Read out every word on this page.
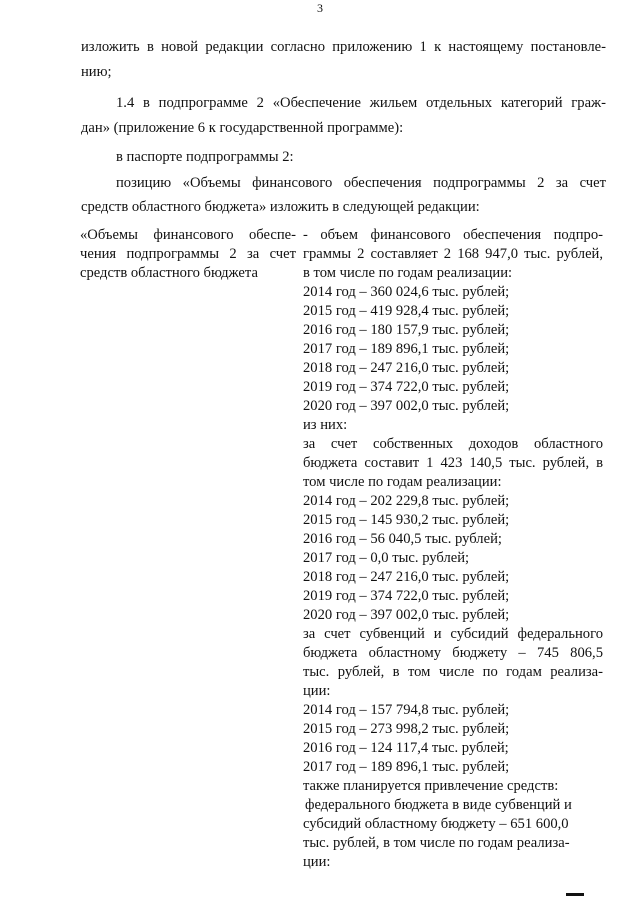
3

изложить в новой редакции согласно приложению 1 к настоящему постановле-

нию;

1.4 в подпрограмме 2 «Обеспечение жильем отдельных категорий граж-

дан» (приложение 6 к государственной программе):

в паспорте подпрограммы 2:

позицию «Объемы финансового обеспечения подпрограммы 2 за счет

средств областного бюджета» изложить в следующей редакции:

«Объемы финансового обеспе-
чения подпрограммы 2 за счет
средств областного бюджета
- объем финансового обеспечения подпро-
граммы 2 составляет 2 168 947,0 тыс. рублей,
в том числе по годам реализации:
2014 год – 360 024,6 тыс. рублей;
2015 год – 419 928,4 тыс. рублей;
2016 год – 180 157,9 тыс. рублей;
2017 год – 189 896,1 тыс. рублей;
2018 год – 247 216,0 тыс. рублей;
2019 год – 374 722,0 тыс. рублей;
2020 год – 397 002,0 тыс. рублей;
из них:
за счет собственных доходов областного
бюджета составит 1 423 140,5 тыс. рублей, в
том числе по годам реализации:
2014 год – 202 229,8 тыс. рублей;
2015 год – 145 930,2 тыс. рублей;
2016 год – 56 040,5 тыс. рублей;
2017 год – 0,0 тыс. рублей;
2018 год – 247 216,0 тыс. рублей;
2019 год – 374 722,0 тыс. рублей;
2020 год – 397 002,0 тыс. рублей;
за счет субвенций и субсидий федерального
бюджета областному бюджету – 745 806,5
тыс. рублей, в том числе по годам реализа-
ции:
2014 год – 157 794,8 тыс. рублей;
2015 год – 273 998,2 тыс. рублей;
2016 год – 124 117,4 тыс. рублей;
2017 год – 189 896,1 тыс. рублей;
также планируется привлечение средств:
федерального бюджета в виде субвенций и
субсидий областному бюджету – 651 600,0
тыс. рублей, в том числе по годам реализа-
ции:
